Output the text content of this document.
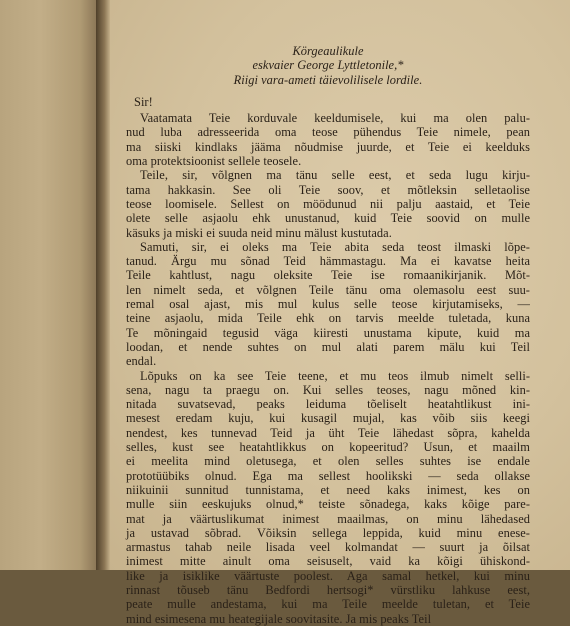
Körgeaulikule
eskvaier George Lyttletonile,*
Riigi vara-ameti täievolilisele lordile.
Sir!
Vaatamata Teie korduvale keeldumisele, kui ma olen palu-
nud luba adresseerida oma teose pühendus Teie nimele, pean
ma siiski kindlaks jääma nõudmise juurde, et Teie ei keelduks
oma protektsioonist sellele teosele.
Teile, sir, võlgnen ma tänu selle eest, et seda lugu kirju-
tama hakkasin. See oli Teie soov, et mõtleksin selletaolise
teose loomisele. Sellest on möödunud nii palju aastaid, et Teie
olete selle asjaolu ehk unustanud, kuid Teie soovid on mulle
käsuks ja miski ei suuda neid minu mälust kustutada.
Samuti, sir, ei oleks ma Teie abita seda teost ilmaski lõpe-
tanud. Ärgu mu sõnad Teid hämmastagu. Ma ei kavatse heita
Teile kahtlust, nagu oleksite Teie ise romaanikirjanik. Mõt-
len nimelt seda, et võlgnen Teile tänu oma olemasolu eest suu-
remal osal ajast, mis mul kulus selle teose kirjutamiseks, —
teine asjaolu, mida Teile ehk on tarvis meelde tuletada, kuna
Te mõningaid tegusid väga kiiresti unustama kipute, kuid ma
loodan, et nende suhtes on mul alati parem mälu kui Teil
endal.
Lõpuks on ka see Teie teene, et mu teos ilmub nimelt selli-
sena, nagu ta praegu on. Kui selles teoses, nagu mõned kin-
nitada suvatsevad, peaks leiduma tõeliselt heatahtlikust ini-
mesest eredam kuju, kui kusagil mujal, kas võib siis keegi
nendest, kes tunnevad Teid ja üht Teie lähedast sõpra, kahelda
selles, kust see heatahtlikkus on kopeeritud? Usun, et maailm
ei meelita mind oletusega, et olen selles suhtes ise endale
prototüübiks olnud. Ega ma sellest hoolikski — seda ollakse
niikuinii sunnitud tunnistama, et need kaks inimest, kes on
mulle siin eeskujuks olnud,* teiste sõnadega, kaks kõige pare-
mat ja väärtuslikumat inimest maailmas, on minu lähedased
ja ustavad sõbrad. Võiksin sellega leppida, kuid minu enese-
armastus tahab neile lisada veel kolmandat — suurt ja õilsat
inimest mitte ainult oma seisuselt, vaid ka kõigi ühiskond-
like ja isiklike väärtuste poolest. Aga samal hetkel, kui minu
rinnast tõuseb tänu Bedfordi hertsogi* vürstliku lahkuse eest,
peate mulle andestama, kui ma Teile meelde tuletan, et Teie
mind esimesena mu heategijale soovitasite. Ja mis peaks Teil
